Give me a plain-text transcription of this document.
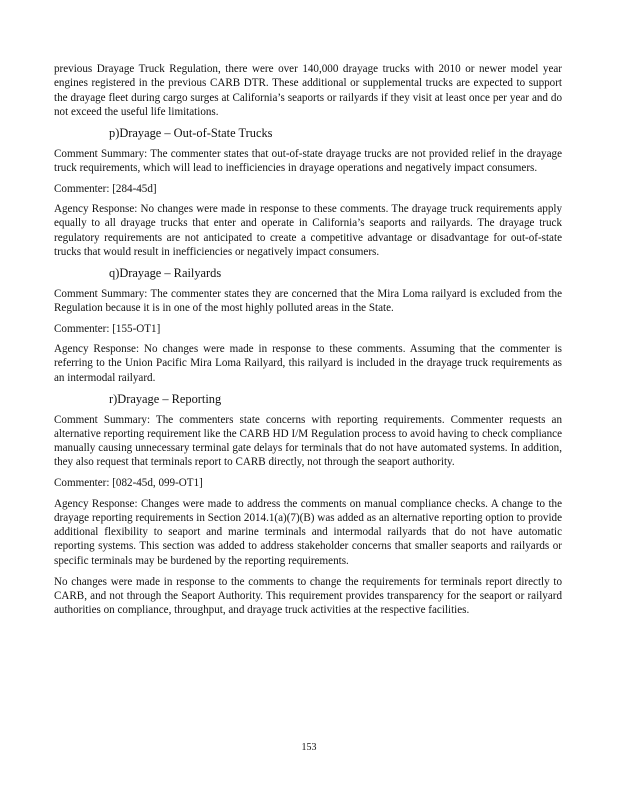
previous Drayage Truck Regulation, there were over 140,000 drayage trucks with 2010 or newer model year engines registered in the previous CARB DTR. These additional or supplemental trucks are expected to support the drayage fleet during cargo surges at California’s seaports or railyards if they visit at least once per year and do not exceed the useful life limitations.

p)Drayage – Out-of-State Trucks

Comment Summary: The commenter states that out-of-state drayage trucks are not provided relief in the drayage truck requirements, which will lead to inefficiencies in drayage operations and negatively impact consumers.

Commenter: [284-45d]

Agency Response: No changes were made in response to these comments. The drayage truck requirements apply equally to all drayage trucks that enter and operate in California’s seaports and railyards. The drayage truck regulatory requirements are not anticipated to create a competitive advantage or disadvantage for out-of-state trucks that would result in inefficiencies or negatively impact consumers.

q)Drayage – Railyards

Comment Summary: The commenter states they are concerned that the Mira Loma railyard is excluded from the Regulation because it is in one of the most highly polluted areas in the State.

Commenter: [155-OT1]

Agency Response: No changes were made in response to these comments. Assuming that the commenter is referring to the Union Pacific Mira Loma Railyard, this railyard is included in the drayage truck requirements as an intermodal railyard.

r)Drayage – Reporting

Comment Summary: The commenters state concerns with reporting requirements. Commenter requests an alternative reporting requirement like the CARB HD I/M Regulation process to avoid having to check compliance manually causing unnecessary terminal gate delays for terminals that do not have automated systems. In addition, they also request that terminals report to CARB directly, not through the seaport authority.

Commenter: [082-45d, 099-OT1]

Agency Response: Changes were made to address the comments on manual compliance checks. A change to the drayage reporting requirements in Section 2014.1(a)(7)(B) was added as an alternative reporting option to provide additional flexibility to seaport and marine terminals and intermodal railyards that do not have automatic reporting systems. This section was added to address stakeholder concerns that smaller seaports and railyards or specific terminals may be burdened by the reporting requirements.

No changes were made in response to the comments to change the requirements for terminals report directly to CARB, and not through the Seaport Authority. This requirement provides transparency for the seaport or railyard authorities on compliance, throughput, and drayage truck activities at the respective facilities.

153
